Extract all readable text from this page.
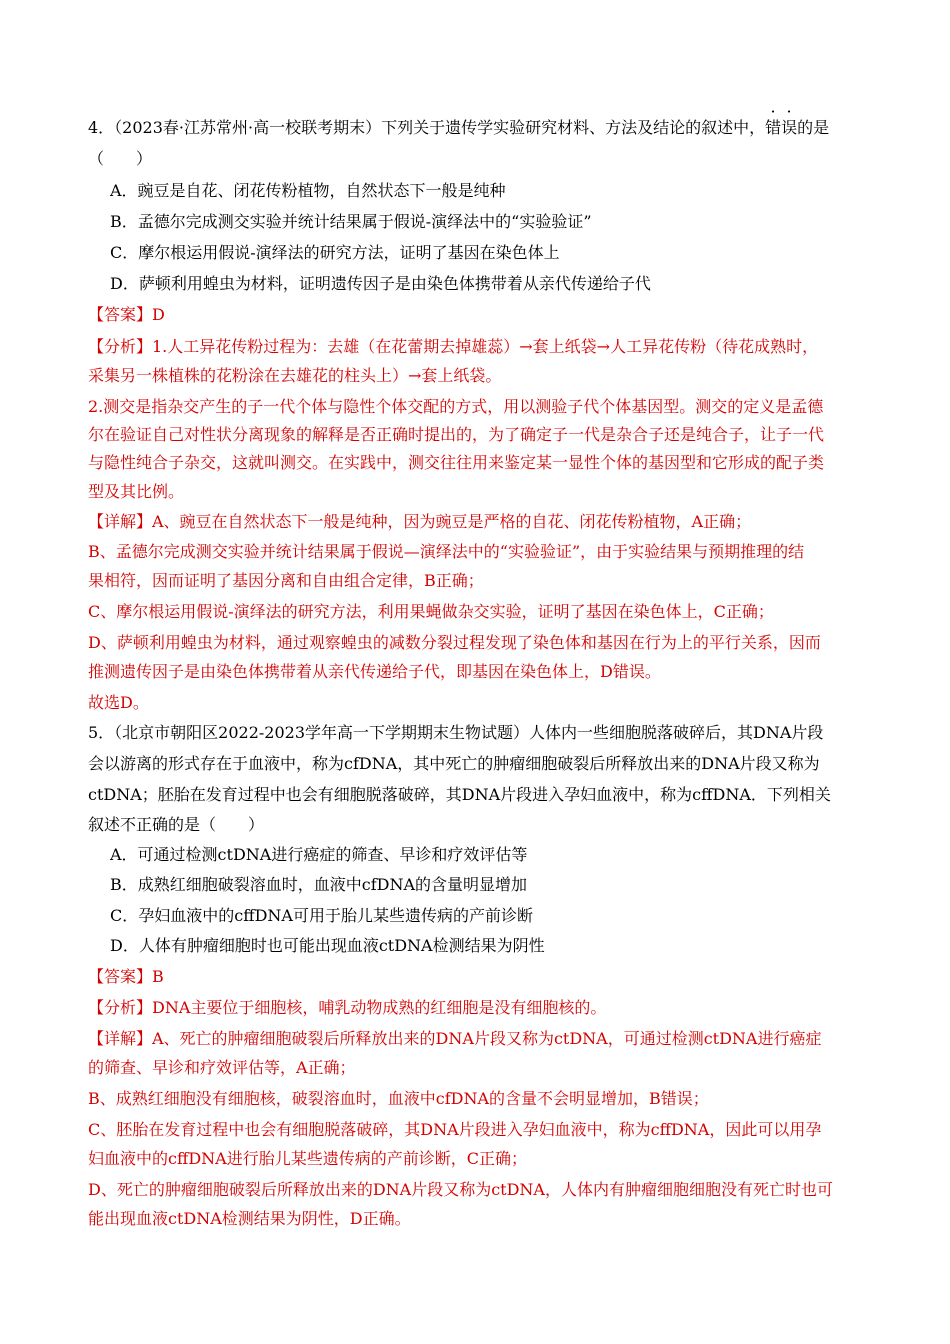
4．（2023春·江苏常州·高一校联考期末）下列关于遗传学实验研究材料、方法及结论的叙述中，错误的是
（　　）
A．豌豆是自花、闭花传粉植物，自然状态下一般是纯种
B．孟德尔完成测交实验并统计结果属于假说-演绎法中的“实验验证”
C．摩尔根运用假说-演绎法的研究方法，证明了基因在染色体上
D．萨顿利用蝗虫为材料，证明遗传因子是由染色体携带着从亲代传递给子代
【答案】D
【分析】1.人工异花传粉过程为：去雄（在花蕾期去掉雄蕊）→套上纸袋→人工异花传粉（待花成熟时，
采集另一株植株的花粉涂在去雄花的柱头上）→套上纸袋。
2.测交是指杂交产生的子一代个体与隐性个体交配的方式，用以测验子代个体基因型。测交的定义是孟德
尔在验证自己对性状分离现象的解释是否正确时提出的，为了确定子一代是杂合子还是纯合子，让子一代
与隐性纯合子杂交，这就叫测交。在实践中，测交往往用来鉴定某一显性个体的基因型和它形成的配子类
型及其比例。
【详解】A、豌豆在自然状态下一般是纯种，因为豌豆是严格的自花、闭花传粉植物，A正确；
B、孟德尔完成测交实验并统计结果属于假说—演绎法中的“实验验证”，由于实验结果与预期推理的结
果相符，因而证明了基因分离和自由组合定律，B正确；
C、摩尔根运用假说-演绎法的研究方法，利用果蝇做杂交实验，证明了基因在染色体上，C正确；
D、萨顿利用蝗虫为材料，通过观察蝗虫的减数分裂过程发现了染色体和基因在行为上的平行关系，因而
推测遗传因子是由染色体携带着从亲代传递给子代，即基因在染色体上，D错误。
故选D。
5．（北京市朝阳区2022-2023学年高一下学期期末生物试题）人体内一些细胞脱落破碎后，其DNA片段
会以游离的形式存在于血液中，称为cfDNA，其中死亡的肿瘤细胞破裂后所释放出来的DNA片段又称为
ctDNA；胚胎在发育过程中也会有细胞脱落破碎，其DNA片段进入孕妇血液中，称为cffDNA．下列相关
叙述不正确的是（　　）
A．可通过检测ctDNA进行癌症的筛查、早诊和疗效评估等
B．成熟红细胞破裂溶血时，血液中cfDNA的含量明显增加
C．孕妇血液中的cffDNA可用于胎儿某些遗传病的产前诊断
D．人体有肿瘤细胞时也可能出现血液ctDNA检测结果为阴性
【答案】B
【分析】DNA主要位于细胞核，哺乳动物成熟的红细胞是没有细胞核的。
【详解】A、死亡的肿瘤细胞破裂后所释放出来的DNA片段又称为ctDNA，可通过检测ctDNA进行癌症
的筛查、早诊和疗效评估等，A正确；
B、成熟红细胞没有细胞核，破裂溶血时，血液中cfDNA的含量不会明显增加，B错误；
C、胚胎在发育过程中也会有细胞脱落破碎，其DNA片段进入孕妇血液中，称为cffDNA，因此可以用孕
妇血液中的cffDNA进行胎儿某些遗传病的产前诊断，C正确；
D、死亡的肿瘤细胞破裂后所释放出来的DNA片段又称为ctDNA，人体内有肿瘤细胞细胞没有死亡时也可
能出现血液ctDNA检测结果为阴性，D正确。
